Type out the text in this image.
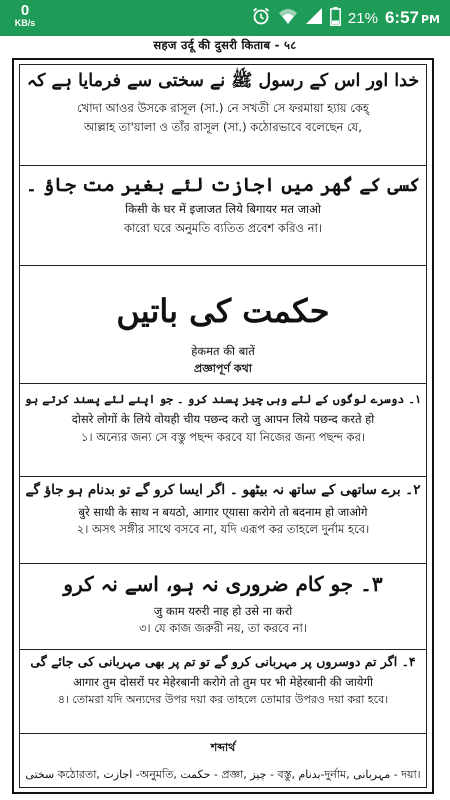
0
KB/s	21% 6:57 PM
सहज उर्दू की दुसरी किताब - ५८
خدا اور اس کے رسول ﷺ نے سختی سے فرمایا ہے کہ
খোদা আওর উসকে রাসূল (সা.) নে সখতী সে ফরমায়া হ্যায় কেহ্‌
আল্লাহ তা'য়ালা ও তাঁর রাসূল (সা.) কঠোরভাবে বলেছেন যে,
کسی کے گھر میں اجازت لئے بغیر مت جاؤ ۔
किसी के घर में इजाजत लिये बिगायर मत जाओ
কারো ঘরে অনুমতি ব্যতিত প্রবেশ করিও না।
حکمت کی باتیں
हेकमत की बातें
প্রজ্ঞাপূর্ণ কথা
۱۔ دوسرے لوگوں کے لئے وہی چیز پسند کرو ۔ جو اپنے لئے پسند کرتے ہو
दोसरे लोगों के लिये वोयही चीय पछन्द करो जु आपन लिये पछन्द करते हो
১। অন্যের জন্য সে বস্তু পছন্দ করবে যা নিজের জন্য পছন্দ কর।
۲۔ برے ساتھی کے ساتھ نہ بیٹھو ۔ اگر ایسا کرو گے تو بدنام ہو جاؤ گے
बुरे साथी के साथ न बयठो, आगार ए्यासा करोगे तो बदनाम हो जाओगे
২। অসৎ সঙ্গীর সাথে বসবে না, যদি এরূপ কর তাহলে দুর্নাম হবে।
۳۔ جو کام ضروری نہ ہو، اسے نہ کرو
जु काम यरुरी नाह हो उसे ना करो
৩। যে কাজ জরুরী নয়, তা করবে না।
۴۔ اگر تم دوسروں پر مہربانی کرو گے تو تم پر بھی مہربانی کی جائے گی
आगार तुम दोसरों पर मेहेरबानी करोगे तो तुम पर भी मेहेरबानी की जायेगी
৪। তোমরা যদি অন্যদের উপর দয়া কর তাহলে তোমার উপরও দয়া করা হবে।
শব্দার্থ
سختی কঠোরতা, اجازت -অনুমতি, حکمت - প্রজ্ঞা, چیز - বস্তু, بدنام-দুর্নাম, مہربانی - দয়া।
